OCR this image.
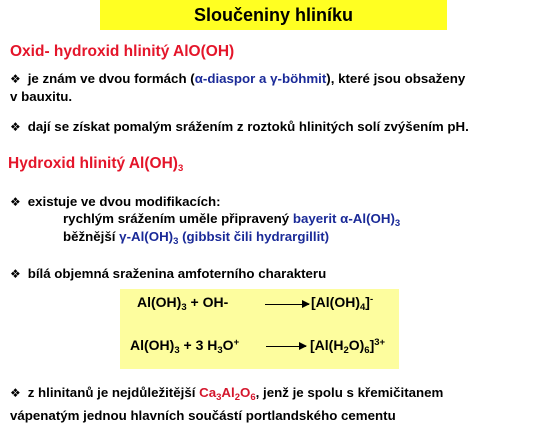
Sloučeniny hliníku
Oxid- hydroxid hlinitý AlO(OH)
❖ je znám ve dvou formách (α-diaspor a γ-böhmit), které jsou obsaženy
v bauxitu.
❖ dají se získat pomalým srážením z roztoků hlinitých solí zvýšením pH.
Hydroxid hlinitý $Al(OH)_3$
❖ existuje ve dvou modifikacích:
rychlým srážením uměle připravený bayerit $\alpha-Al(OH)_3$
běžnější $\gamma-Al(OH)_3$ (gibbsit čili hydrargillit)
❖ bílá objemná sraženina amfoterního charakteru
$Al(OH)_3 + OH- \to [Al(OH)_4]^-$
$Al(OH)_3 + 3$ $H_3O^+ \to [Al(H_2O)_6]^{3+}$
❖ z hlinitanů je nejdůležitější $Ca_3Al_2O_6$, jenž je spolu s křemičitanem
vápenatým jednou hlavních součástí portlandského cementu
